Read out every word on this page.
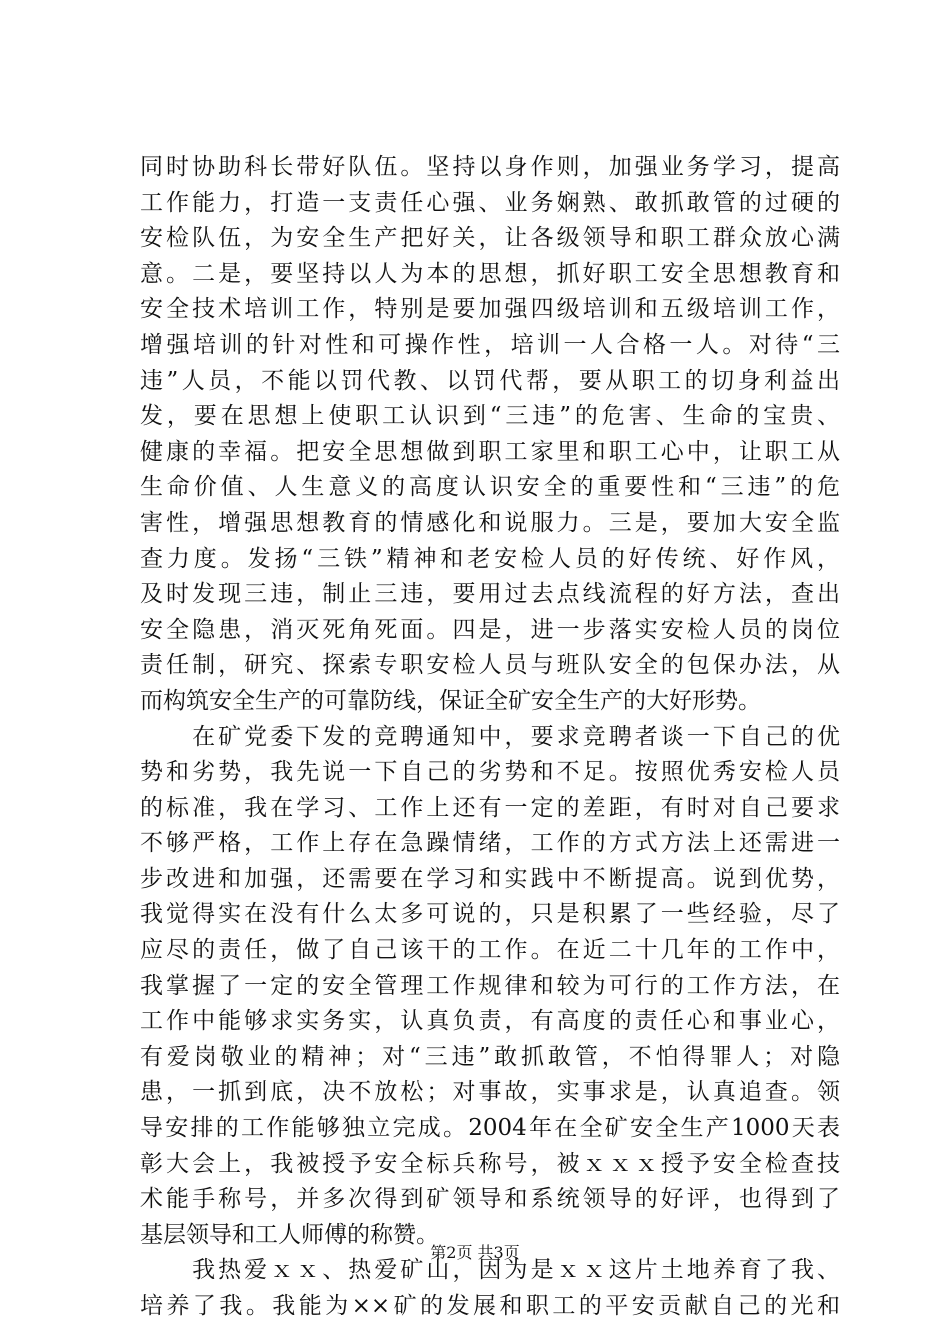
同时协助科长带好队伍。坚持以身作则，加强业务学习，提高
工作能力，打造一支责任心强、业务娴熟、敢抓敢管的过硬的
安检队伍，为安全生产把好关，让各级领导和职工群众放心满
意。二是，要坚持以人为本的思想，抓好职工安全思想教育和
安全技术培训工作，特别是要加强四级培训和五级培训工作，
增强培训的针对性和可操作性，培训一人合格一人。对待“三
违”人员，不能以罚代教、以罚代帮，要从职工的切身利益出
发，要在思想上使职工认识到“三违”的危害、生命的宝贵、
健康的幸福。把安全思想做到职工家里和职工心中，让职工从
生命价值、人生意义的高度认识安全的重要性和“三违”的危
害性，增强思想教育的情感化和说服力。三是，要加大安全监
查力度。发扬“三铁”精神和老安检人员的好传统、好作风，
及时发现三违，制止三违，要用过去点线流程的好方法，查出
安全隐患，消灭死角死面。四是，进一步落实安检人员的岗位
责任制，研究、探索专职安检人员与班队安全的包保办法，从
而构筑安全生产的可靠防线，保证全矿安全生产的大好形势。
　　在矿党委下发的竞聘通知中，要求竞聘者谈一下自己的优
势和劣势，我先说一下自己的劣势和不足。按照优秀安检人员
的标准，我在学习、工作上还有一定的差距，有时对自己要求
不够严格，工作上存在急躁情绪，工作的方式方法上还需进一
步改进和加强，还需要在学习和实践中不断提高。说到优势，
我觉得实在没有什么太多可说的，只是积累了一些经验，尽了
应尽的责任，做了自己该干的工作。在近二十几年的工作中，
我掌握了一定的安全管理工作规律和较为可行的工作方法，在
工作中能够求实务实，认真负责，有高度的责任心和事业心，
有爱岗敬业的精神；对“三违”敢抓敢管，不怕得罪人；对隐
患，一抓到底，决不放松；对事故，实事求是，认真追查。领
导安排的工作能够独立完成。2004年在全矿安全生产1000天表
彰大会上，我被授予安全标兵称号，被ｘｘｘ授予安全检查技
术能手称号，并多次得到矿领导和系统领导的好评，也得到了
基层领导和工人师傅的称赞。
　　我热爱ｘｘ、热爱矿山，因为是ｘｘ这片土地养育了我、
培养了我。我能为××矿的发展和职工的平安贡献自己的光和
第2页 共3页
